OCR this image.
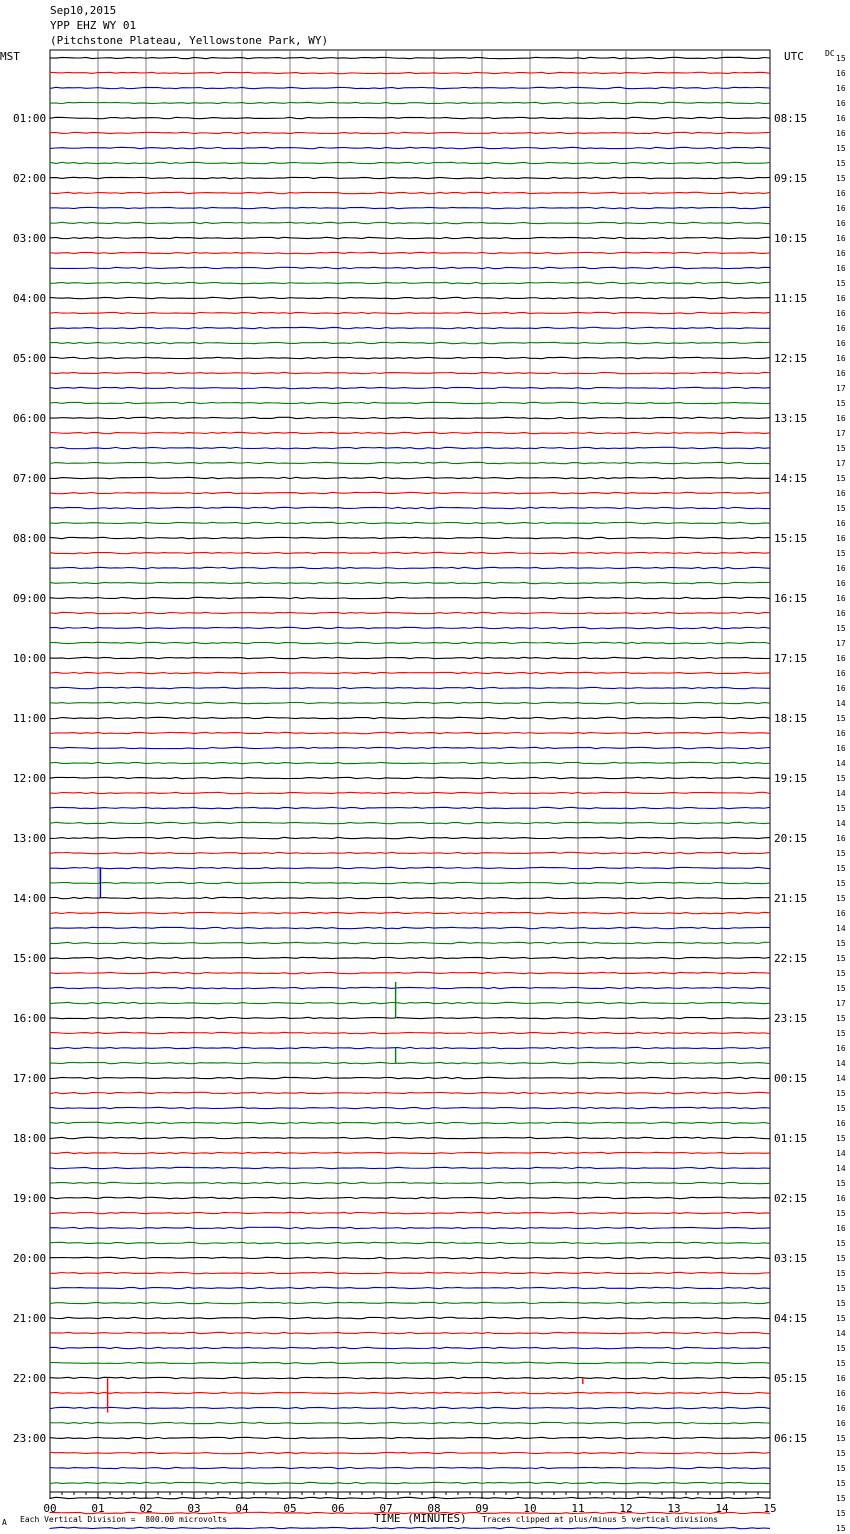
Sep10,2015
YPP EHZ WY 01
(Pitchstone Plateau, Yellowstone Park, WY)
MST	UTC	DC
15
16
16
16
16
16
15
15
15
16
16
16
16
16
16
15
16
16
16
16
16
16
17
15
16
17
15
17
15
16
15
16
16
15
16
16
16
16
15
17
16
16
16
14
15
16
16
14
15
14
15
14
16
15
15
15
15
16
14
15
15
15
15
17
15
15
16
14
14
15
15
16
15
14
14
15
16
15
16
15
15
15
15
15
15
14
15
15
16
16
16
16
15
15
15
15
15
15
15
01:00
02:00
03:00
04:00
05:00
06:00
07:00
08:00
09:00
10:00
11:00
12:00
13:00
14:00
15:00
16:00
17:00
18:00
19:00
20:00
21:00
22:00
23:00
08:15
09:15
10:15
11:15
12:15
13:15
14:15
15:15
16:15
17:15
18:15
19:15
20:15
21:15
22:15
23:15
00:15
01:15
02:15
03:15
04:15
05:15
06:15
00	01	02	03	04	05	06	07	08	09	10	11	12	13	14	15
A Each Vertical Division =  800.00 microvolts	TIME (MINUTES) Traces clipped at plus/minus 5 vertical divisions
